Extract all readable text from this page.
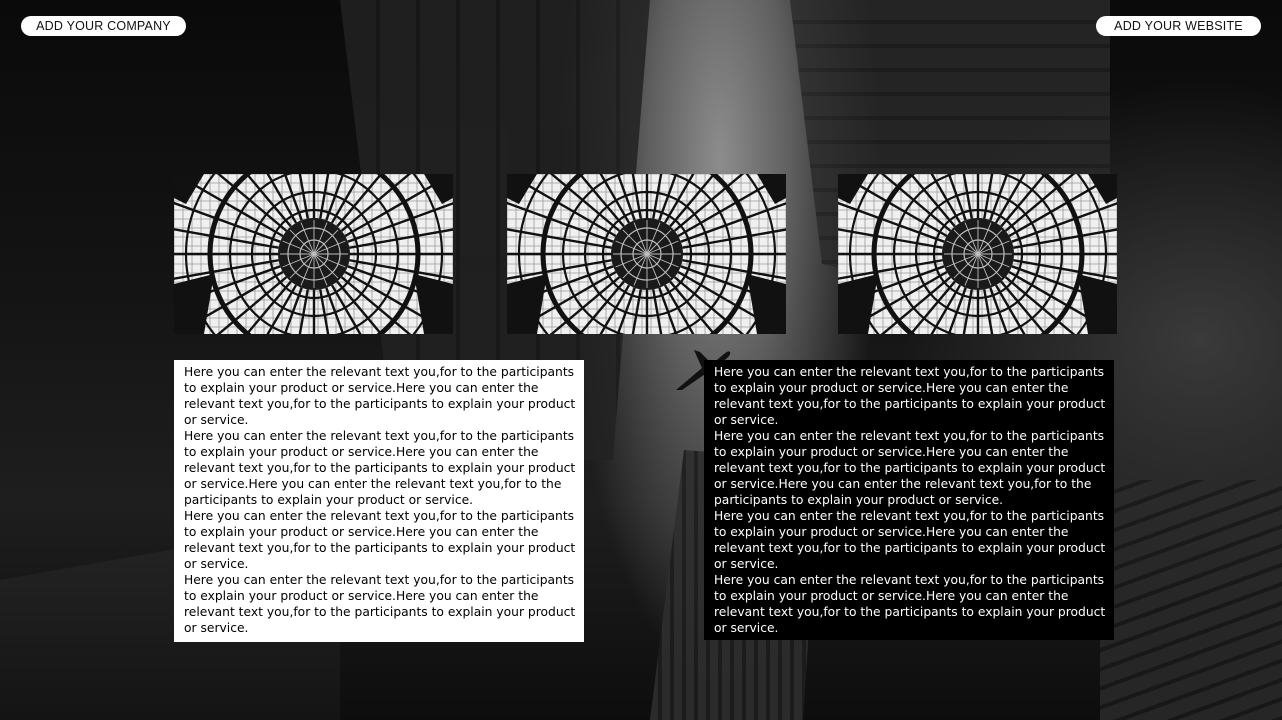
ADD YOUR COMPANY	ADD YOUR WEBSITE
Here you can enter the relevant text you,for to the participants to explain your product or service.Here you can enter the relevant text you,for to the participants to explain your product or service.
Here you can enter the relevant text you,for to the participants to explain your product or service.Here you can enter the relevant text you,for to the participants to explain your product or service.Here you can enter the relevant text you,for to the participants to explain your product or service.
Here you can enter the relevant text you,for to the participants to explain your product or service.Here you can enter the relevant text you,for to the participants to explain your product or service.
Here you can enter the relevant text you,for to the participants to explain your product or service.Here you can enter the relevant text you,for to the participants to explain your product or service.
Here you can enter the relevant text you,for to the participants to explain your product or service.Here you can enter the relevant text you,for to the participants to explain your product or service.
Here you can enter the relevant text you,for to the participants to explain your product or service.Here you can enter the relevant text you,for to the participants to explain your product or service.Here you can enter the relevant text you,for to the participants to explain your product or service.
Here you can enter the relevant text you,for to the participants to explain your product or service.Here you can enter the relevant text you,for to the participants to explain your product or service.
Here you can enter the relevant text you,for to the participants to explain your product or service.Here you can enter the relevant text you,for to the participants to explain your product or service.
